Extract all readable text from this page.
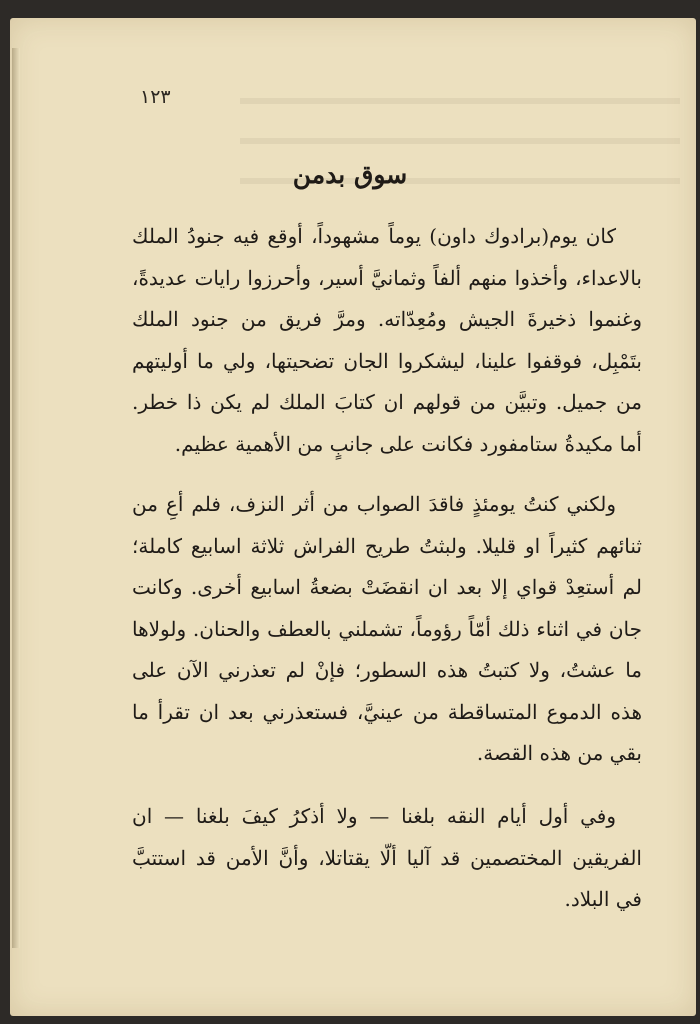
١٢٣
سوق بدمن

كان يوم(برادوك داون) يوماً مشهوداً، أوقع فيه جنودُ الملك بالاعداء، وأخذوا منهم ألفاً وثمانيَّ أسير، وأحرزوا رايات عديدةً، وغنموا ذخيرةَ الجيش ومُعِدّاته. ومرَّ فريق من جنود الملك بتَمْبِل، فوقفوا علينا، ليشكروا الجان تضحيتها، ولي ما أوليتهم من جميل. وتبيَّن من قولهم ان كتابَ الملك لم يكن ذا خطر. أما مكيدةُ ستامفورد فكانت على جانبٍ من الأهمية عظيم.

ولكني كنتُ يومئذٍ فاقدَ الصواب من أثر النزف، فلم أعِ من ثنائهم كثيراً او قليلا. ولبثتُ طريح الفراش ثلاثة اسابيع كاملة؛ لم أستعِدْ قواي إلا بعد ان انقضَتْ بضعةُ اسابيع أخرى. وكانت جان في اثناء ذلك أمّاً رؤوماً، تشملني بالعطف والحنان. ولولاها ما عشتُ، ولا كتبتُ هذه السطور؛ فإنْ لم تعذرني الآن على هذه الدموع المتساقطة من عينيَّ، فستعذرني بعد ان تقرأ ما بقي من هذه القصة.

وفي أول أيام النقه بلغنا — ولا أذكرُ كيفَ بلغنا — ان الفريقين المختصمين قد آليا ألّا يقتاتلا، وأنَّ الأمن قد استتبَّ في البلاد.
